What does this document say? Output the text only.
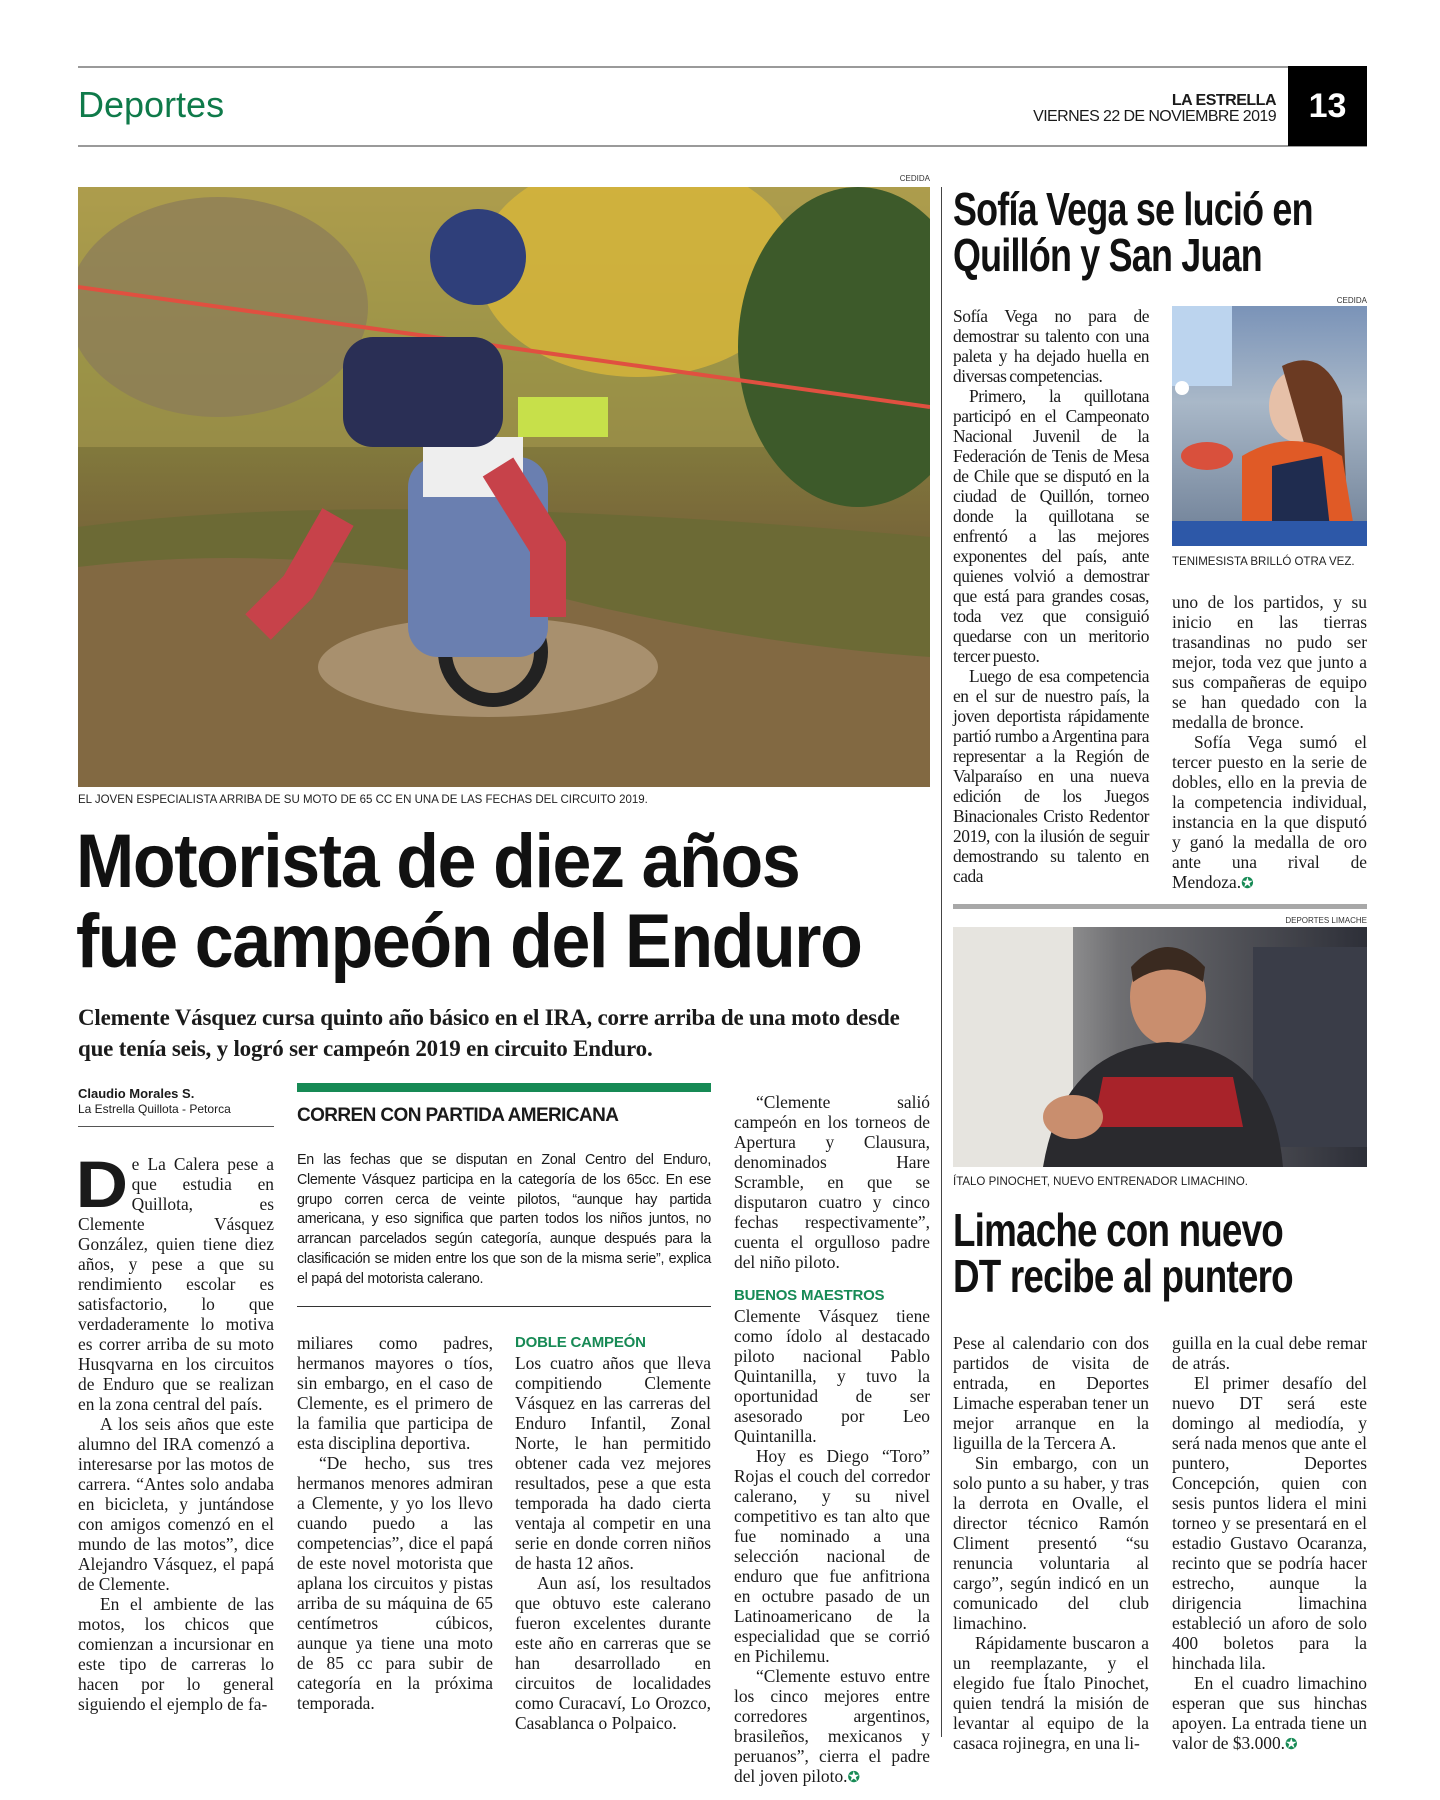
Deportes	LA ESTRELLA
VIERNES 22 DE NOVIEMBRE 2019 13
CEDIDA
EL JOVEN ESPECIALISTA ARRIBA DE SU MOTO DE 65 CC EN UNA DE LAS FECHAS DEL CIRCUITO 2019.
Motorista de diez años
fue campeón del Enduro
Clemente Vásquez cursa quinto año básico en el IRA, corre arriba de una moto desde que tenía seis, y logró ser campeón 2019 en circuito Enduro.
Claudio Morales S.
La Estrella Quillota - Petorca

De La Calera pese a que estudia en Quillota, es Clemente Vásquez González, quien tiene diez años, y pese a que su rendimiento escolar es satisfactorio, lo que verdaderamente lo motiva es correr arriba de su moto Husqvarna en los circuitos de Enduro que se realizan en la zona central del país.

A los seis años que este alumno del IRA comenzó a interesarse por las motos de carrera. “Antes solo andaba en bicicleta, y juntándose con amigos comenzó en el mundo de las motos”, dice Alejandro Vásquez, el papá de Clemente.

En el ambiente de las motos, los chicos que comienzan a incursionar en este tipo de carreras lo hacen por lo general siguiendo el ejemplo de fa-

CORREN CON PARTIDA AMERICANA
En las fechas que se disputan en Zonal Centro del Enduro, Clemente Vásquez participa en la categoría de los 65cc. En ese grupo corren cerca de veinte pilotos, “aunque hay partida americana, y eso significa que parten todos los niños juntos, no arrancan parcelados según categoría, aunque después para la clasificación se miden entre los que son de la misma serie”, explica el papá del motorista calerano.

miliares como padres, hermanos mayores o tíos, sin embargo, en el caso de Clemente, es el primero de la familia que participa de esta disciplina deportiva.

“De hecho, sus tres hermanos menores admiran a Clemente, y yo los llevo cuando puedo a las competencias”, dice el papá de este novel motorista que aplana los circuitos y pistas arriba de su máquina de 65 centímetros cúbicos, aunque ya tiene una moto de 85 cc para subir de categoría en la próxima temporada.

DOBLE CAMPEÓN

Los cuatro años que lleva compitiendo Clemente Vásquez en las carreras del Enduro Infantil, Zonal Norte, le han permitido obtener cada vez mejores resultados, pese a que esta temporada ha dado cierta ventaja al competir en una serie en donde corren niños de hasta 12 años.

Aun así, los resultados que obtuvo este calerano fueron excelentes durante este año en carreras que se han desarrollado en circuitos de localidades como Curacaví, Lo Orozco, Casablanca o Polpaico.

“Clemente salió campeón en los torneos de Apertura y Clausura, denominados Hare Scramble, en que se disputaron cuatro y cinco fechas respectivamente”, cuenta el orgulloso padre del niño piloto.

BUENOS MAESTROS

Clemente Vásquez tiene como ídolo al destacado piloto nacional Pablo Quintanilla, y tuvo la oportunidad de ser asesorado por Leo Quintanilla.

Hoy es Diego “Toro” Rojas el couch del corredor calerano, y su nivel competitivo es tan alto que fue nominado a una selección nacional de enduro que fue anfitriona en octubre pasado de un Latinoamericano de la especialidad que se corrió en Pichilemu.

“Clemente estuvo entre los cinco mejores entre corredores argentinos, brasileños, mexicanos y peruanos”, cierra el padre del joven piloto.✪

Sofía Vega se lució en
Quillón y San Juan
CEDIDA
TENIMESISTA BRILLÓ OTRA VEZ.

Sofía Vega no para de demostrar su talento con una paleta y ha dejado huella en diversas competencias.

Primero, la quillotana participó en el Campeonato Nacional Juvenil de la Federación de Tenis de Mesa de Chile que se disputó en la ciudad de Quillón, torneo donde la quillotana se enfrentó a las mejores exponentes del país, ante quienes volvió a demostrar que está para grandes cosas, toda vez que consiguió quedarse con un meritorio tercer puesto.

Luego de esa competencia en el sur de nuestro país, la joven deportista rápidamente partió rumbo a Argentina para representar a la Región de Valparaíso en una nueva edición de los Juegos Binacionales Cristo Redentor 2019, con la ilusión de seguir demostrando su talento en cada

uno de los partidos, y su inicio en las tierras trasandinas no pudo ser mejor, toda vez que junto a sus compañeras de equipo se han quedado con la medalla de bronce.

Sofía Vega sumó el tercer puesto en la serie de dobles, ello en la previa de la competencia individual, instancia en la que disputó y ganó la medalla de oro ante una rival de Mendoza.✪

DEPORTES LIMACHE
ÍTALO PINOCHET, NUEVO ENTRENADOR LIMACHINO.
Limache con nuevo
DT recibe al puntero

Pese al calendario con dos partidos de visita de entrada, en Deportes Limache esperaban tener un mejor arranque en la liguilla de la Tercera A.

Sin embargo, con un solo punto a su haber, y tras la derrota en Ovalle, el director técnico Ramón Climent presentó “su renuncia voluntaria al cargo”, según indicó en un comunicado del club limachino.

Rápidamente buscaron a un reemplazante, y el elegido fue Ítalo Pinochet, quien tendrá la misión de levantar al equipo de la casaca rojinegra, en una li-

guilla en la cual debe remar de atrás.

El primer desafío del nuevo DT será este domingo al mediodía, y será nada menos que ante el puntero, Deportes Concepción, quien con sesis puntos lidera el mini torneo y se presentará en el estadio Gustavo Ocaranza, recinto que se podría hacer estrecho, aunque la dirigencia limachina estableció un aforo de solo 400 boletos para la hinchada lila.

En el cuadro limachino esperan que sus hinchas apoyen. La entrada tiene un valor de $3.000.✪
